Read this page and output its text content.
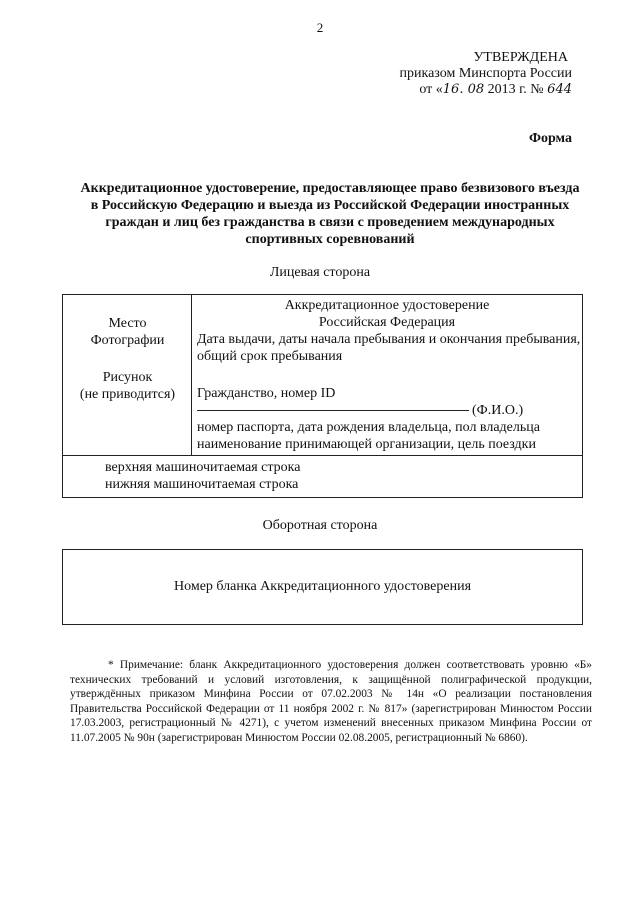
2
УТВЕРЖДЕНА
приказом Минспорта России
от «16. 08 2013 г. № 644
Форма
Аккредитационное удостоверение, предоставляющее право безвизового въезда
в Российскую Федерацию и выезда из Российской Федерации иностранных
граждан и лиц без гражданства в связи с проведением международных
спортивных соревнований
Лицевая сторона
Место
Фотографии
Рисунок
(не приводится)
Аккредитационное удостоверение
Российская Федерация
Дата выдачи, даты начала пребывания и окончания пребывания,
общий срок пребывания
Гражданство, номер ID
(Ф.И.О.)
номер паспорта, дата рождения владельца, пол владельца
наименование принимающей организации, цель поездки
верхняя машиночитаемая строка
нижняя машиночитаемая строка
Оборотная сторона
Номер бланка Аккредитационного удостоверения
* Примечание: бланк Аккредитационного удостоверения должен соответствовать уровню «Б» технических требований и условий изготовления, к защищённой полиграфической продукции, утверждённых приказом Минфина России от 07.02.2003 № 14н «О реализации постановления Правительства Российской Федерации от 11 ноября 2002 г. № 817» (зарегистрирован Минюстом России 17.03.2003, регистрационный № 4271), с учетом изменений внесенных приказом Минфина России от 11.07.2005 № 90н (зарегистрирован Минюстом России 02.08.2005, регистрационный № 6860).
